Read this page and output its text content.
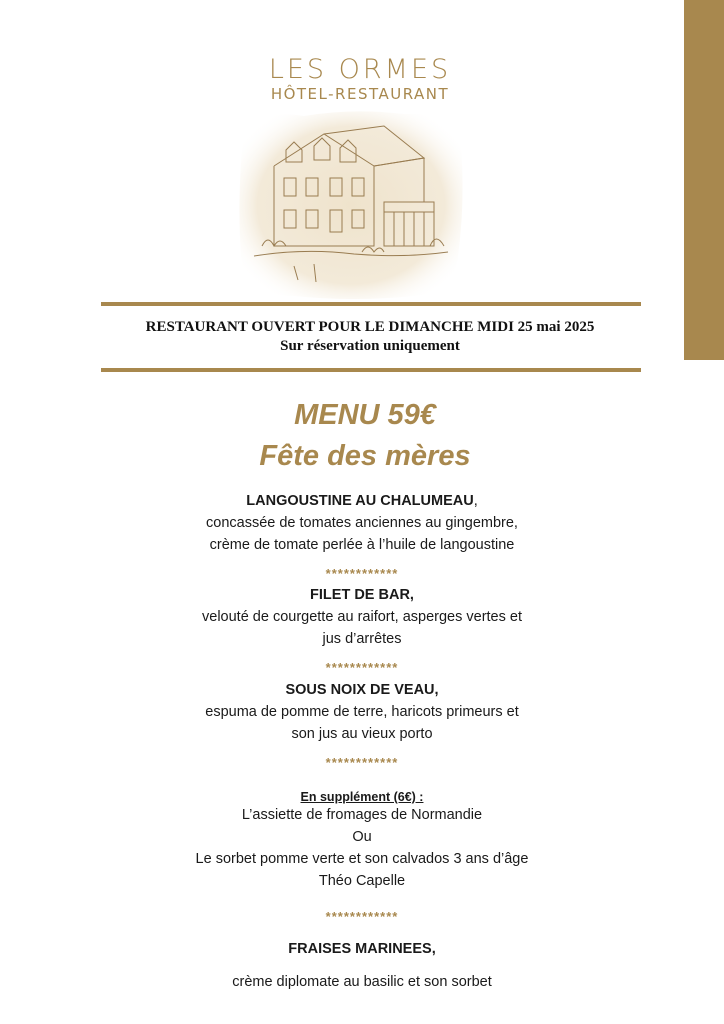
LES ORMES
HÔTEL-RESTAURANT
RESTAURANT OUVERT POUR LE DIMANCHE MIDI 25 mai 2025
Sur réservation uniquement
MENU 59€
Fête des mères
LANGOUSTINE AU CHALUMEAU,
concassée de tomates anciennes au gingembre,
crème de tomate perlée à l’huile de langoustine
************
FILET DE BAR,
velouté de courgette au raifort, asperges vertes et
jus d’arrêtes
************
SOUS NOIX DE VEAU,
espuma de pomme de terre, haricots primeurs et
son jus au vieux porto
************
En supplément (6€) :
L’assiette de fromages de Normandie
Ou
Le sorbet pomme verte et son calvados 3 ans d’âge
Théo Capelle
************
FRAISES MARINEES,
crème diplomate au basilic et son sorbet
